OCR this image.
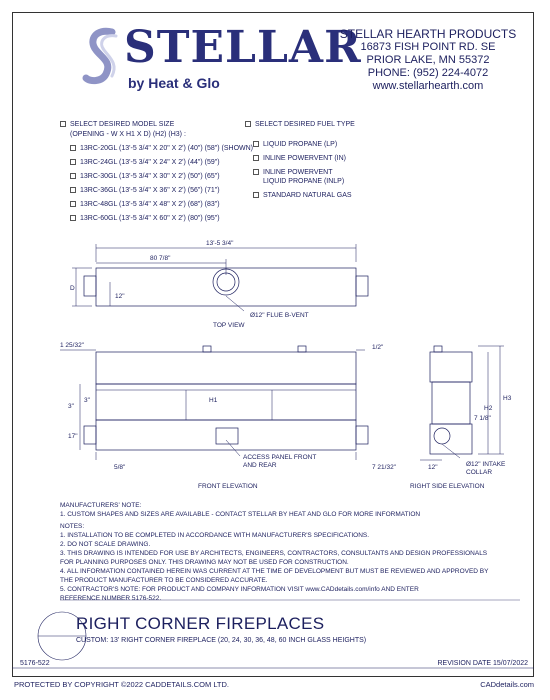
STELLAR
by Heat & Glo
STELLAR HEARTH PRODUCTS
16873 FISH POINT RD. SE
PRIOR LAKE, MN 55372
PHONE: (952) 224-4072
www.stellarhearth.com
SELECT DESIRED MODEL SIZE
(OPENING - W X H1 X D) (H2) (H3) :
13RC-20GL (13'-5 3/4" X 20" X 2') (40") (58") (SHOWN)
13RC-24GL (13'-5 3/4" X 24" X 2') (44") (59")
13RC-30GL (13'-5 3/4" X 30" X 2') (50") (65")
13RC-36GL (13'-5 3/4" X 36" X 2') (56") (71")
13RC-48GL (13'-5 3/4" X 48" X 2') (68") (83")
13RC-60GL (13'-5 3/4" X 60" X 2') (80") (95")
SELECT DESIRED FUEL TYPE
LIQUID PROPANE (LP)
INLINE POWERVENT (IN)
INLINE POWERVENT
LIQUID PROPANE (INLP)
STANDARD NATURAL GAS
13'-5 3/4"
80 7/8"
D
12"
TOP VIEW
Ø12" FLUE B-VENT
1 25/32"	1/2"
3"
3"	H1
17"
5/8"
ACCESS PANEL FRONT
AND REAR	7 21/32"
FRONT ELEVATION
7 1/8"
H2
H3
12"	Ø12" INTAKE
COLLAR
RIGHT SIDE ELEVATION
MANUFACTURERS' NOTE:
1. CUSTOM SHAPES AND SIZES ARE AVAILABLE - CONTACT STELLAR BY HEAT AND GLO FOR MORE INFORMATION
NOTES:
1. INSTALLATION TO BE COMPLETED IN ACCORDANCE WITH MANUFACTURER'S SPECIFICATIONS.
2. DO NOT SCALE DRAWING.
3. THIS DRAWING IS INTENDED FOR USE BY ARCHITECTS, ENGINEERS, CONTRACTORS, CONSULTANTS AND DESIGN PROFESSIONALS
FOR PLANNING PURPOSES ONLY. THIS DRAWING MAY NOT BE USED FOR CONSTRUCTION.
4. ALL INFORMATION CONTAINED HEREIN WAS CURRENT AT THE TIME OF DEVELOPMENT BUT MUST BE REVIEWED AND APPROVED BY
THE PRODUCT MANUFACTURER TO BE CONSIDERED ACCURATE.
5. CONTRACTOR'S NOTE: FOR PRODUCT AND COMPANY INFORMATION VISIT www.CADdetails.com/info AND ENTER
REFERENCE NUMBER 5176-522.
RIGHT CORNER FIREPLACES
CUSTOM: 13' RIGHT CORNER FIREPLACE (20, 24, 30, 36, 48, 60 INCH GLASS HEIGHTS)
5176-522	REVISION DATE 15/07/2022
PROTECTED BY COPYRIGHT ©2022 CADDETAILS.COM LTD.	CADdetails.com
